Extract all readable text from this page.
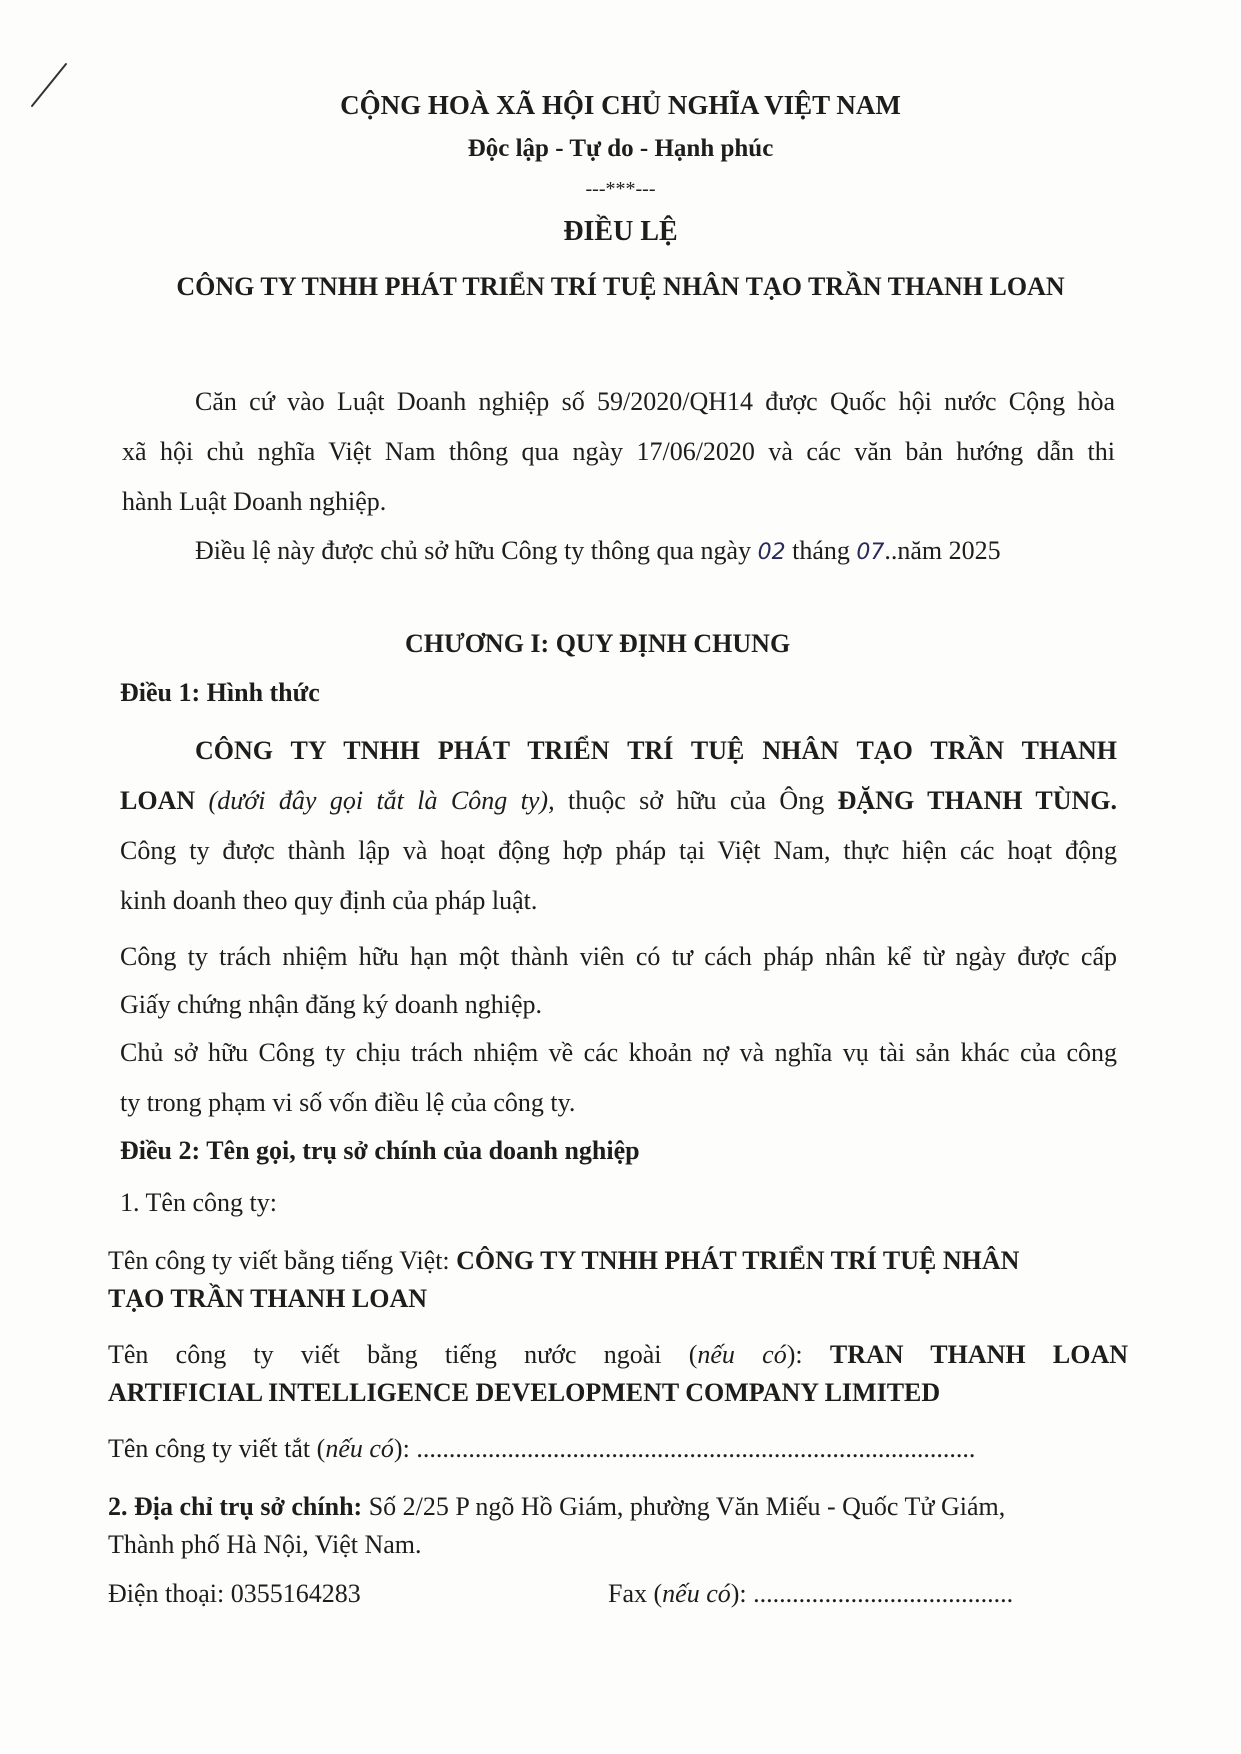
CỘNG HOÀ XÃ HỘI CHỦ NGHĨA VIỆT NAM
Độc lập - Tự do - Hạnh phúc
---***---
ĐIỀU LỆ
CÔNG TY TNHH PHÁT TRIỂN TRÍ TUỆ NHÂN TẠO TRẦN THANH LOAN
Căn cứ vào Luật Doanh nghiệp số 59/2020/QH14 được Quốc hội nước Cộng hòa
xã hội chủ nghĩa Việt Nam thông qua ngày 17/06/2020 và các văn bản hướng dẫn thi
hành Luật Doanh nghiệp.
Điều lệ này được chủ sở hữu Công ty thông qua ngày 02 tháng 07..năm 2025
CHƯƠNG I: QUY ĐỊNH CHUNG
Điều 1: Hình thức
CÔNG TY TNHH PHÁT TRIỂN TRÍ TUỆ NHÂN TẠO TRẦN THANH
LOAN (dưới đây gọi tắt là Công ty), thuộc sở hữu của Ông ĐẶNG THANH TÙNG.
Công ty được thành lập và hoạt động hợp pháp tại Việt Nam, thực hiện các hoạt động
kinh doanh theo quy định của pháp luật.
Công ty trách nhiệm hữu hạn một thành viên có tư cách pháp nhân kể từ ngày được cấp
Giấy chứng nhận đăng ký doanh nghiệp.
Chủ sở hữu Công ty chịu trách nhiệm về các khoản nợ và nghĩa vụ tài sản khác của công
ty trong phạm vi số vốn điều lệ của công ty.
Điều 2: Tên gọi, trụ sở chính của doanh nghiệp
1. Tên công ty:
Tên công ty viết bằng tiếng Việt: CÔNG TY TNHH PHÁT TRIỂN TRÍ TUỆ NHÂN
TẠO TRẦN THANH LOAN
Tên công ty viết bằng tiếng nước ngoài (nếu có): TRAN THANH LOAN
ARTIFICIAL INTELLIGENCE DEVELOPMENT COMPANY LIMITED
Tên công ty viết tắt (nếu có): ......................................................................................
2. Địa chỉ trụ sở chính: Số 2/25 P ngõ Hồ Giám, phường Văn Miếu - Quốc Tử Giám,
Thành phố Hà Nội, Việt Nam.
Điện thoại: 0355164283	Fax (nếu có): ........................................
